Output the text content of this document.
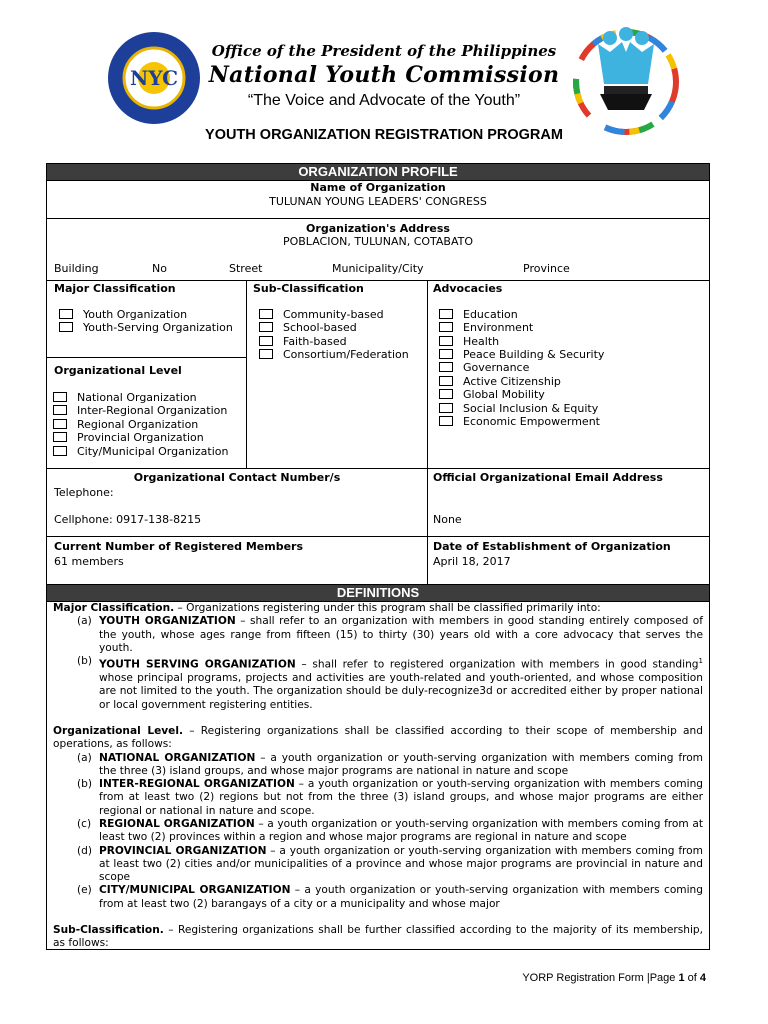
NYC
Office of the President of the Philippines
National Youth Commission
“The Voice and Advocate of the Youth”
YOUTH ORGANIZATION REGISTRATION PROGRAM
ORGANIZATION PROFILE
Name of Organization
TULUNAN YOUNG LEADERS' CONGRESS
Organization's Address
POBLACION, TULUNAN, COTABATO
Building	No	Street	Municipality/City	Province
Major Classification
Youth Organization
Youth-Serving Organization
Organizational Level
National Organization
Inter-Regional Organization
Regional Organization
Provincial Organization
City/Municipal Organization
Sub-Classification
Community-based
School-based
Faith-based
Consortium/Federation
Advocacies
Education
Environment
Health
Peace Building & Security
Governance
Active Citizenship
Global Mobility
Social Inclusion & Equity
Economic Empowerment
Organizational Contact Number/s
Telephone:
Cellphone: 0917-138-8215
Official Organizational Email Address
None
Current Number of Registered Members
61 members
Date of Establishment of Organization
April 18, 2017
DEFINITIONS

Major Classification. – Organizations registering under this program shall be classified primarily into:

(a) YOUTH ORGANIZATION – shall refer to an organization with members in good standing entirely composed of the youth, whose ages range from fifteen (15) to thirty (30) years old with a core advocacy that serves the youth.

(b) YOUTH SERVING ORGANIZATION – shall refer to registered organization with members in good standing$^1$ whose principal programs, projects and activities are youth-related and youth-oriented, and whose composition are not limited to the youth. The organization should be duly-recognize3d or accredited either by proper national or local government registering entities.

Organizational Level. – Registering organizations shall be classified according to their scope of membership and operations, as follows:

(a) NATIONAL ORGANIZATION – a youth organization or youth-serving organization with members coming from the three (3) island groups, and whose major programs are national in nature and scope

(b) INTER-REGIONAL ORGANIZATION – a youth organization or youth-serving organization with members coming from at least two (2) regions but not from the three (3) island groups, and whose major programs are either regional or national in nature and scope.

(c) REGIONAL ORGANIZATION – a youth organization or youth-serving organization with members coming from at least two (2) provinces within a region and whose major programs are regional in nature and scope

(d) PROVINCIAL ORGANIZATION – a youth organization or youth-serving organization with members coming from at least two (2) cities and/or municipalities of a province and whose major programs are provincial in nature and scope

(e) CITY/MUNICIPAL ORGANIZATION – a youth organization or youth-serving organization with members coming from at least two (2) barangays of a city or a municipality and whose major

Sub-Classification. – Registering organizations shall be further classified according to the majority of its membership, as follows:

YORP Registration Form |Page 1 of 4
